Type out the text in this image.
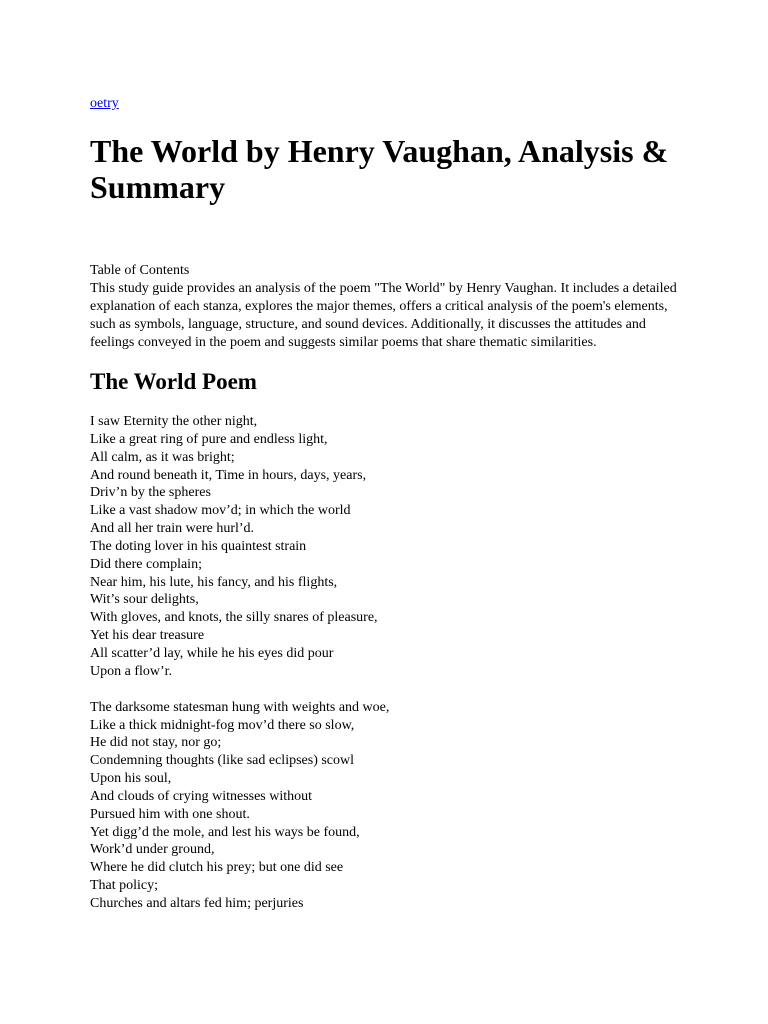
oetry
The World by Henry Vaughan, Analysis & Summary

Table of Contents

This study guide provides an analysis of the poem "The World" by Henry Vaughan. It includes a detailed explanation of each stanza, explores the major themes, offers a critical analysis of the poem's elements, such as symbols, language, structure, and sound devices. Additionally, it discusses the attitudes and feelings conveyed in the poem and suggests similar poems that share thematic similarities.

The World Poem
I saw Eternity the other night,
Like a great ring of pure and endless light,
All calm, as it was bright;
And round beneath it, Time in hours, days, years,
Driv’n by the spheres
Like a vast shadow mov’d; in which the world
And all her train were hurl’d.
The doting lover in his quaintest strain
Did there complain;
Near him, his lute, his fancy, and his flights,
Wit’s sour delights,
With gloves, and knots, the silly snares of pleasure,
Yet his dear treasure
All scatter’d lay, while he his eyes did pour
Upon a flow’r.
The darksome statesman hung with weights and woe,
Like a thick midnight-fog mov’d there so slow,
He did not stay, nor go;
Condemning thoughts (like sad eclipses) scowl
Upon his soul,
And clouds of crying witnesses without
Pursued him with one shout.
Yet digg’d the mole, and lest his ways be found,
Work’d under ground,
Where he did clutch his prey; but one did see
That policy;
Churches and altars fed him; perjuries
